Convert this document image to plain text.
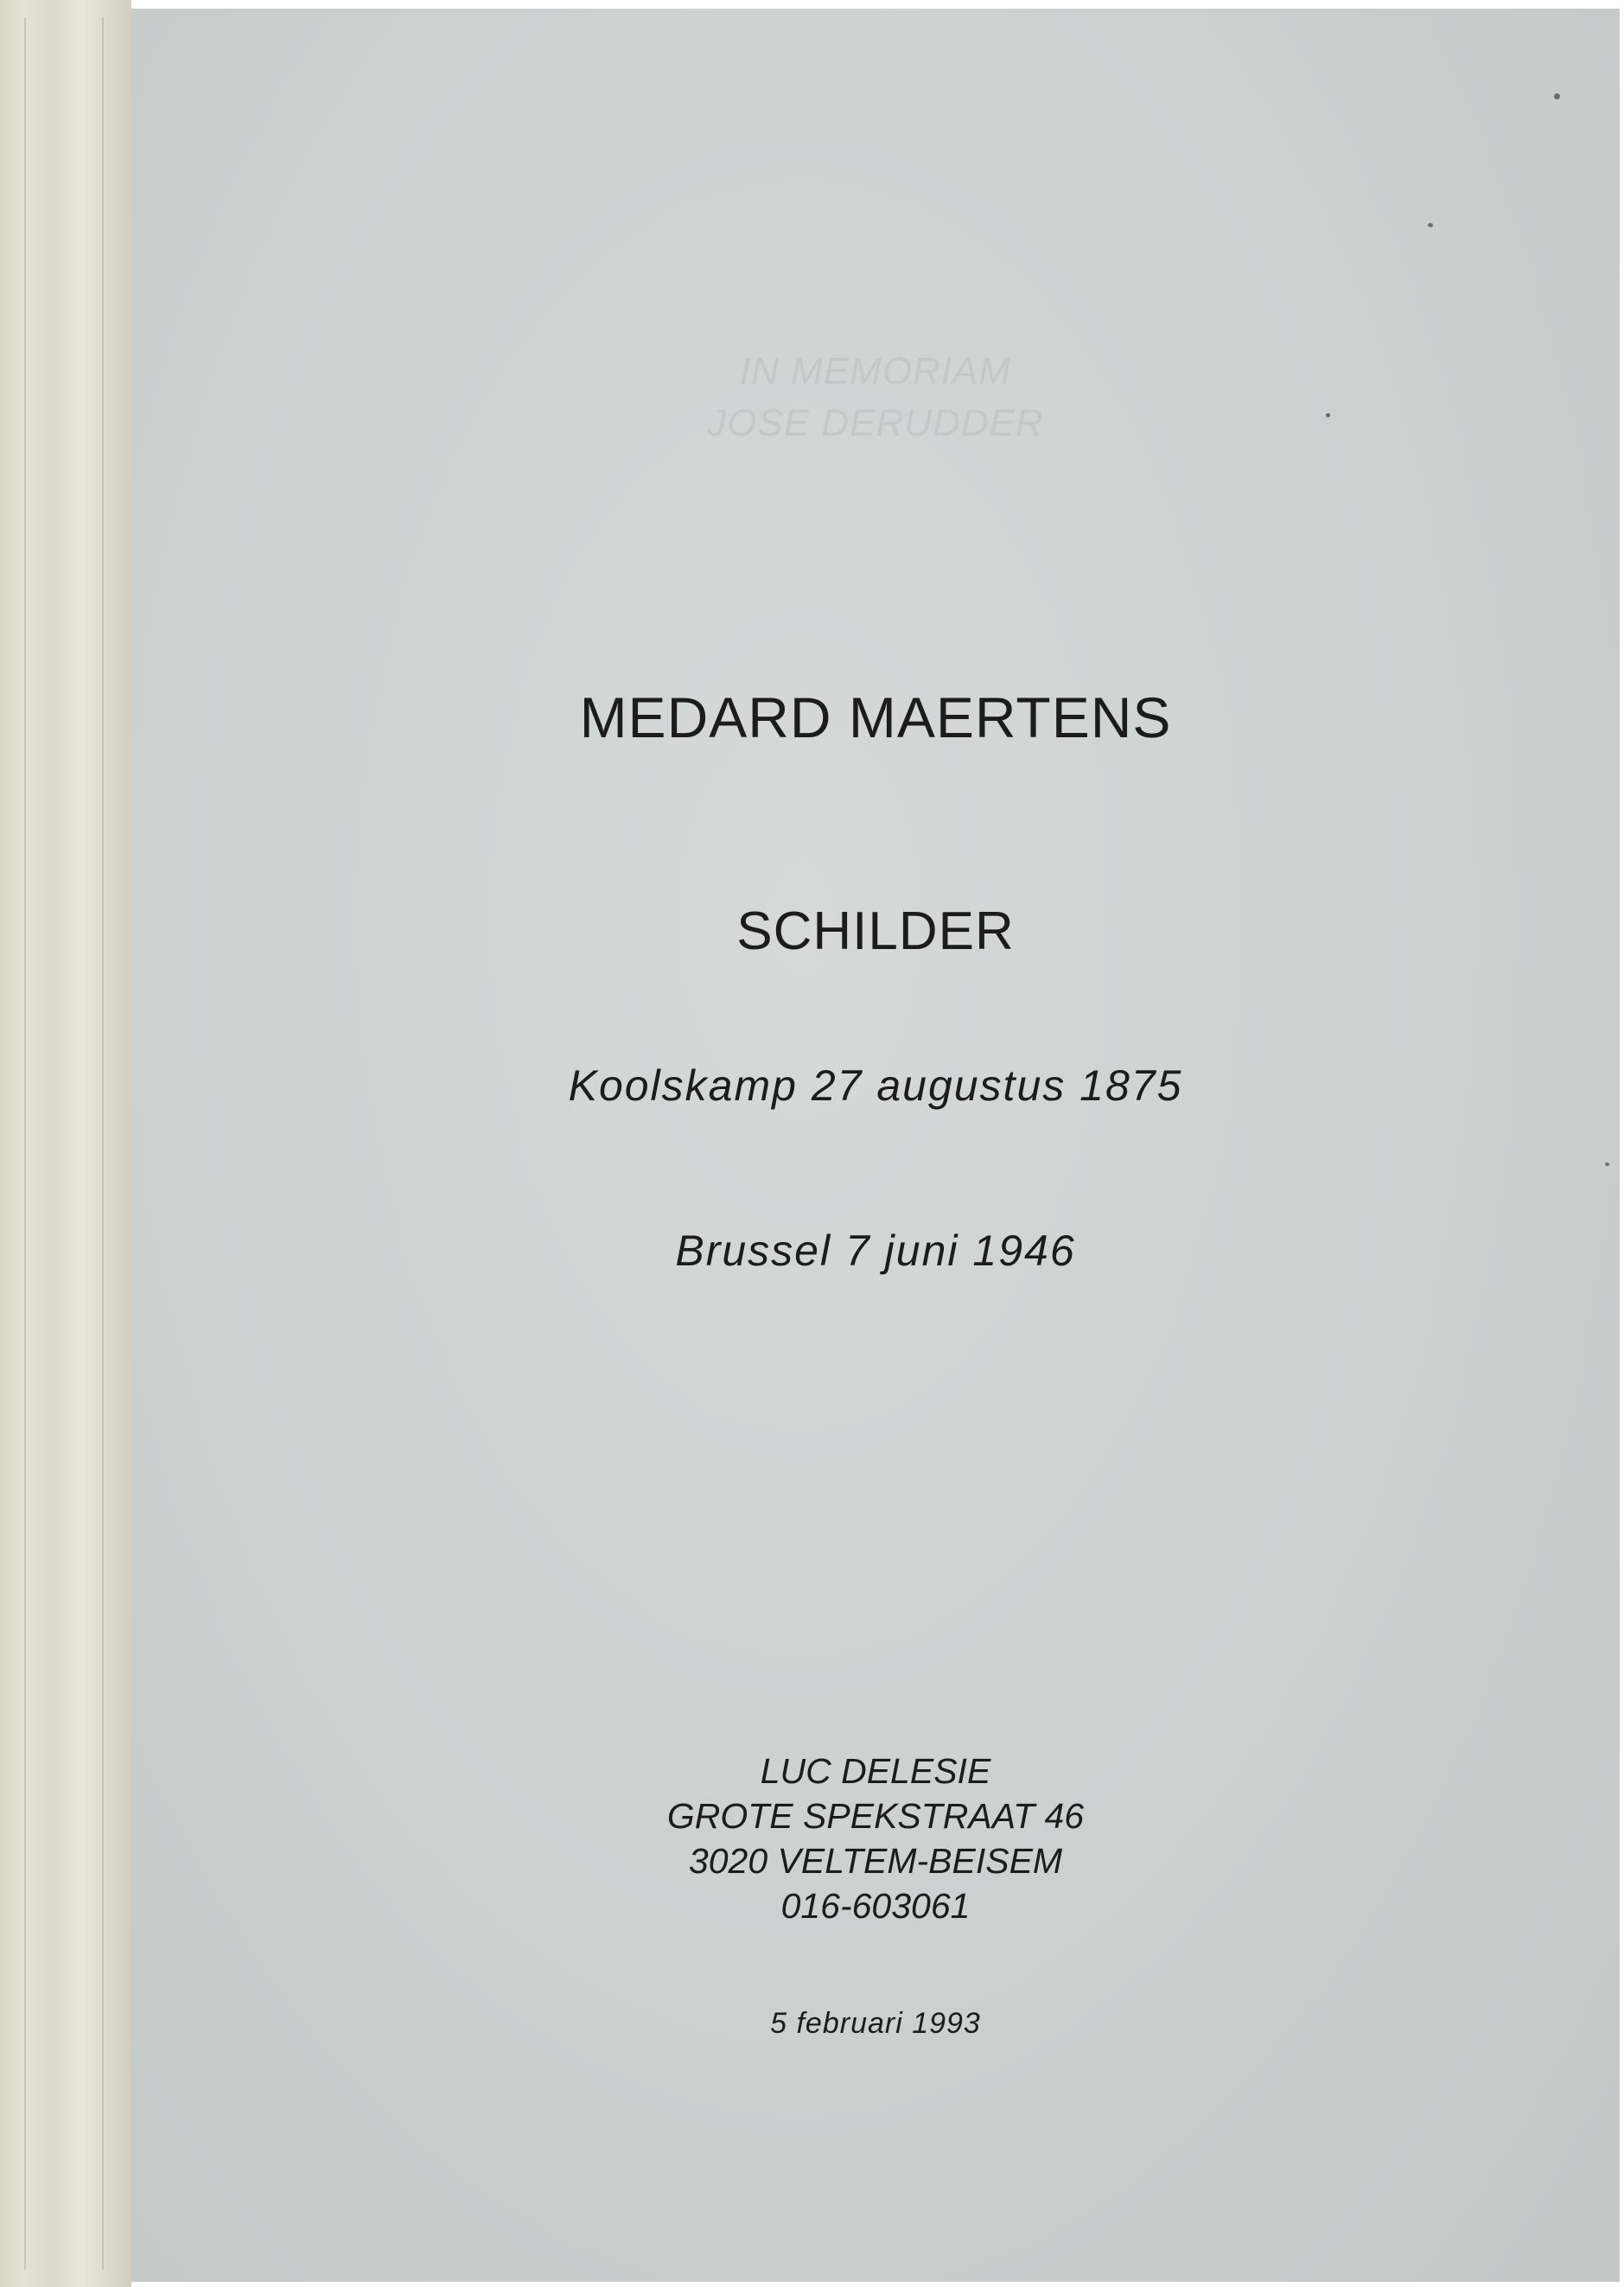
IN MEMORIAM
JOSE DERUDDER
MEDARD MAERTENS
SCHILDER
Koolskamp 27 augustus 1875
Brussel 7 juni 1946
LUC DELESIE
GROTE SPEKSTRAAT 46
3020 VELTEM-BEISEM
016-603061
5 februari 1993
